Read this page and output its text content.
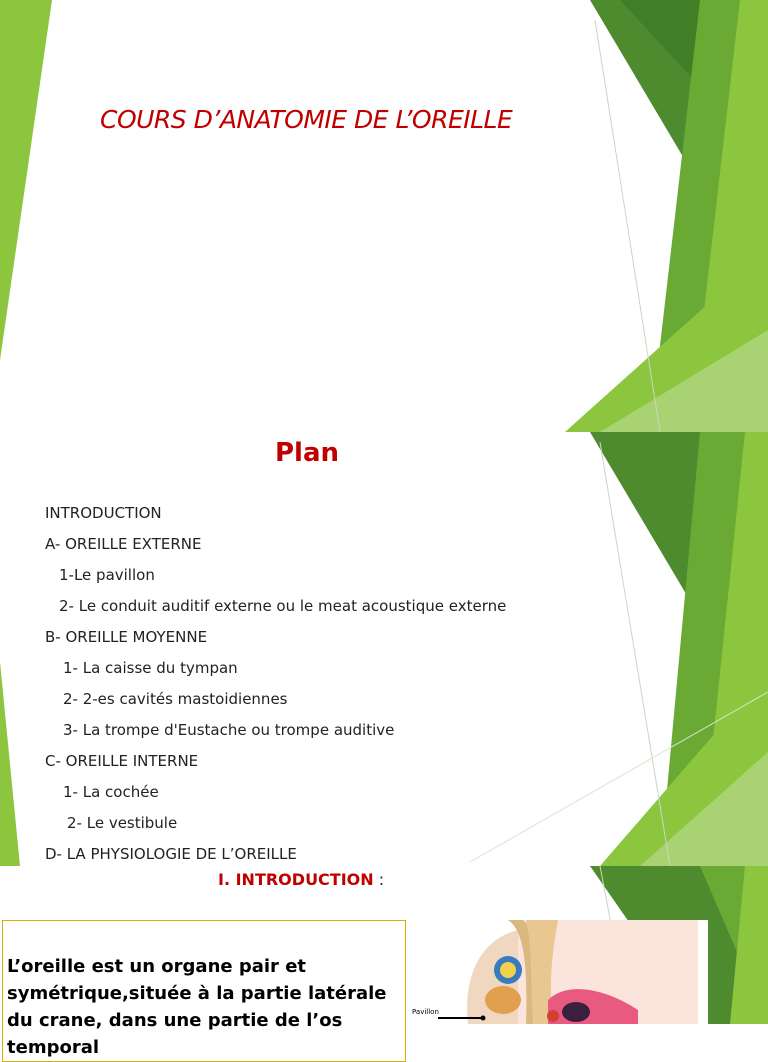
COURS D’ANATOMIE DE L’OREILLE
Plan
INTRODUCTION
A- OREILLE EXTERNE
1-Le pavillon
2- Le conduit auditif externe ou le meat acoustique externe
B- OREILLE MOYENNE
1- La caisse du tympan
2- 2-es cavités mastoidiennes
3- La trompe d'Eustache ou trompe auditive
C- OREILLE INTERNE
1- La cochée
2- Le vestibule
D- LA PHYSIOLOGIE DE L’OREILLE
I. INTRODUCTION :

L’oreille est un organe pair et symétrique,située à la partie latérale du crane, dans une partie de l’os temporal

Pavillon
